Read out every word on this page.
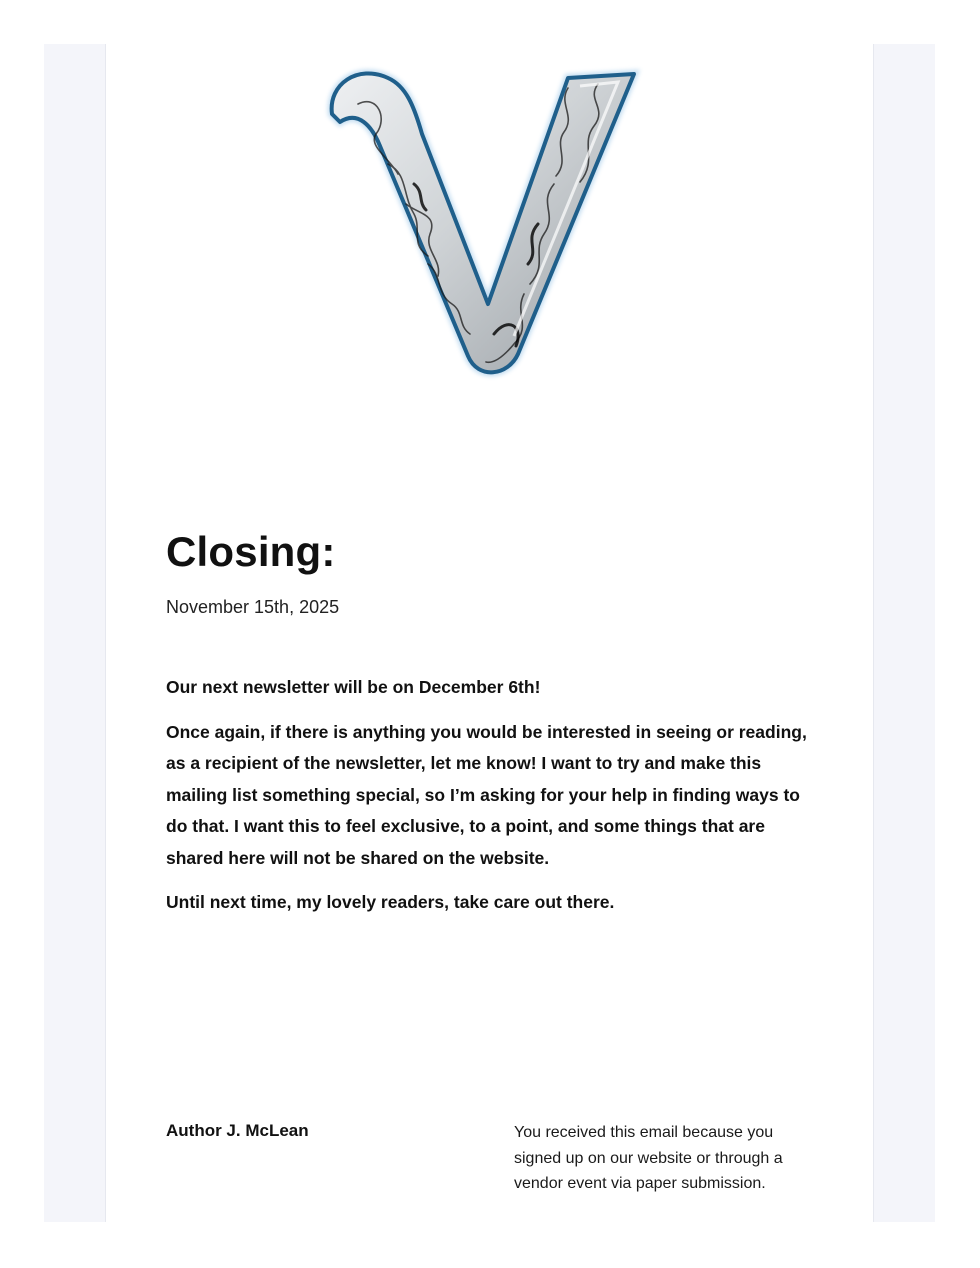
Closing:
November 15th, 2025

Our next newsletter will be on December 6th!

Once again, if there is anything you would be interested in seeing or reading, as a recipient of the newsletter, let me know! I want to try and make this mailing list something special, so I’m asking for your help in finding ways to do that. I want this to feel exclusive, to a point, and some things that are shared here will not be shared on the website.

Until next time, my lovely readers, take care out there.

Author J. McLean	You received this email because you signed up on our website or through a vendor event via paper submission.
